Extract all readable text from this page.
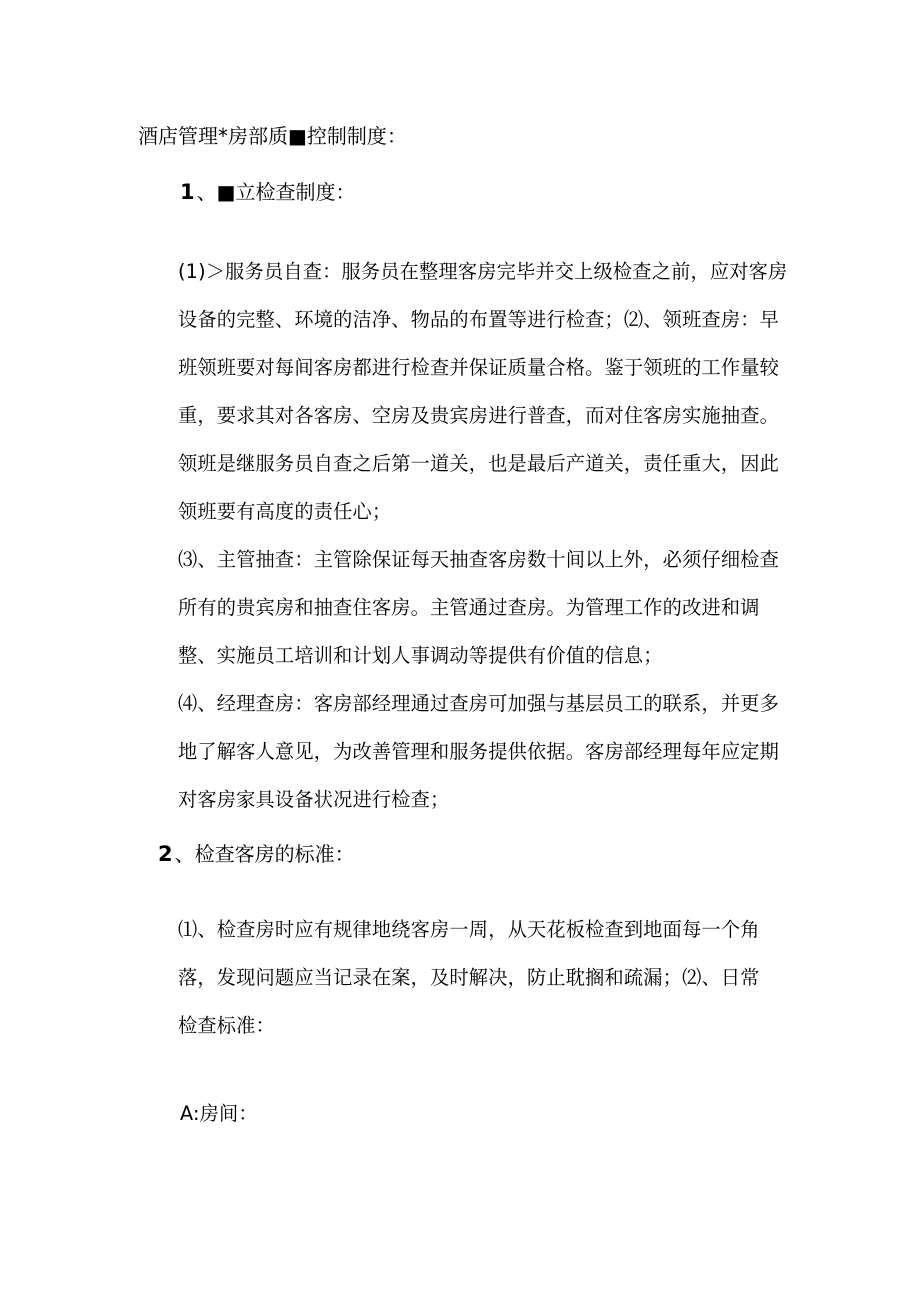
酒店管理*房部质■控制制度：
1 、■立检查制度：

(1)＞服务员自查：服务员在整理客房完毕并交上级检查之前，应对客房设备的完整、环境的洁净、物品的布置等进行检查；⑵、领班查房：早班领班要对每间客房都进行检查并保证质量合格。鉴于领班的工作量较重，要求其对各客房、空房及贵宾房进行普查，而对住客房实施抽查。领班是继服务员自查之后第一道关，也是最后产道关，责任重大，因此领班要有高度的责任心；

⑶、主管抽查：主管除保证每天抽查客房数十间以上外，必须仔细检查所有的贵宾房和抽查住客房。主管通过查房。为管理工作的改进和调整、实施员工培训和计划人事调动等提供有价值的信息；

⑷、经理查房：客房部经理通过查房可加强与基层员工的联系，并更多地了解客人意见，为改善管理和服务提供依据。客房部经理每年应定期对客房家具设备状况进行检查；

2 、检查客房的标准：

⑴、检查房时应有规律地绕客房一周，从天花板检查到地面每一个角落，发现问题应当记录在案，及时解决，防止耽搁和疏漏；⑵、日常检查标准：

A:房间：
